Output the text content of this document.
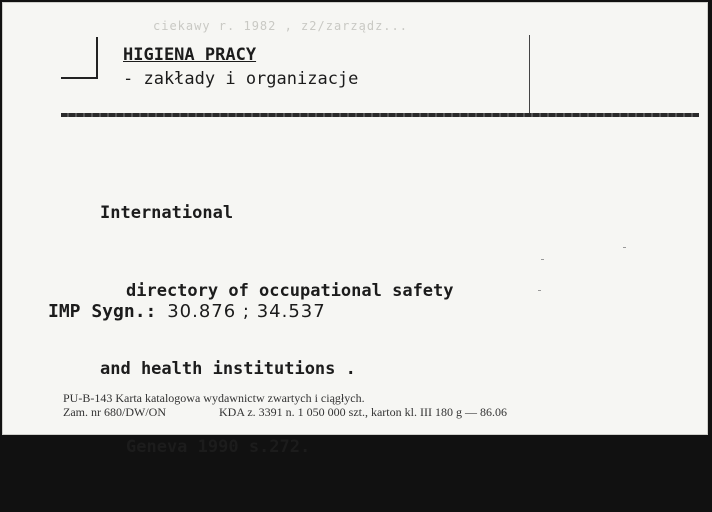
ciekawy r. 1982 , z2/zarządz...
HIGIENA PRACY
- zakłady i organizacje

International

directory of occupational safety

and health institutions .

Geneva 1990 s.272.

IMP Sygn.: 30.876 ; 34.537
PU-B-143 Karta katalogowa wydawnictw zwartych i ciągłych.
Zam. nr 680/DW/ON	KDA z. 3391 n. 1 050 000 szt., karton kl. III 180 g — 86.06
